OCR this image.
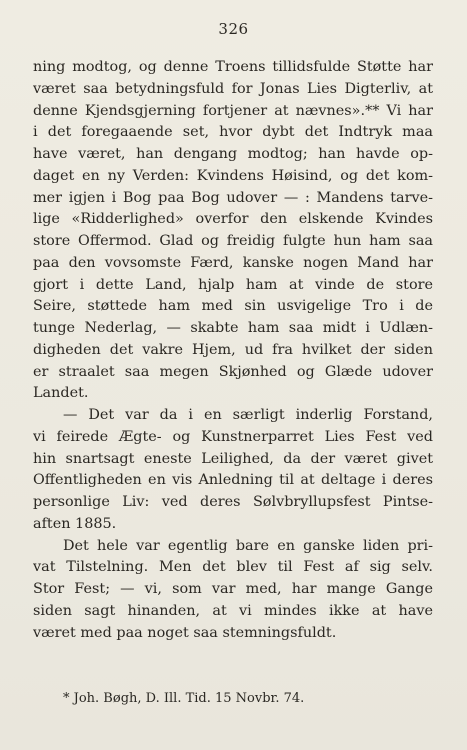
326
ning modtog, og denne Troens tillidsfulde Støtte har
været saa betydningsfuld for Jonas Lies Digterliv, at
denne Kjendsgjerning fortjener at nævnes».** Vi har
i det foregaaende set, hvor dybt det Indtryk maa
have været, han dengang modtog; han havde op-
daget en ny Verden: Kvindens Høisind, og det kom-
mer igjen i Bog paa Bog udover — : Mandens tarve-
lige «Ridderlighed» overfor den elskende Kvindes
store Offermod. Glad og freidig fulgte hun ham saa
paa den vovsomste Færd, kanske nogen Mand har
gjort i dette Land, hjalp ham at vinde de store
Seire, støttede ham med sin usvigelige Tro i de
tunge Nederlag, — skabte ham saa midt i Udlæn-
digheden det vakre Hjem, ud fra hvilket der siden
er straalet saa megen Skjønhed og Glæde udover
Landet.
— Det var da i en særligt inderlig Forstand,
vi feirede Ægte- og Kunstnerparret Lies Fest ved
hin snartsagt eneste Leilighed, da der været givet
Offentligheden en vis Anledning til at deltage i deres
personlige Liv: ved deres Sølvbryllupsfest Pintse-
aften 1885.
Det hele var egentlig bare en ganske liden pri-
vat Tilstelning. Men det blev til Fest af sig selv.
Stor Fest; — vi, som var med, har mange Gange
siden sagt hinanden, at vi mindes ikke at have
været med paa noget saa stemningsfuldt.
* Joh. Bøgh, D. Ill. Tid. 15 Novbr. 74.
